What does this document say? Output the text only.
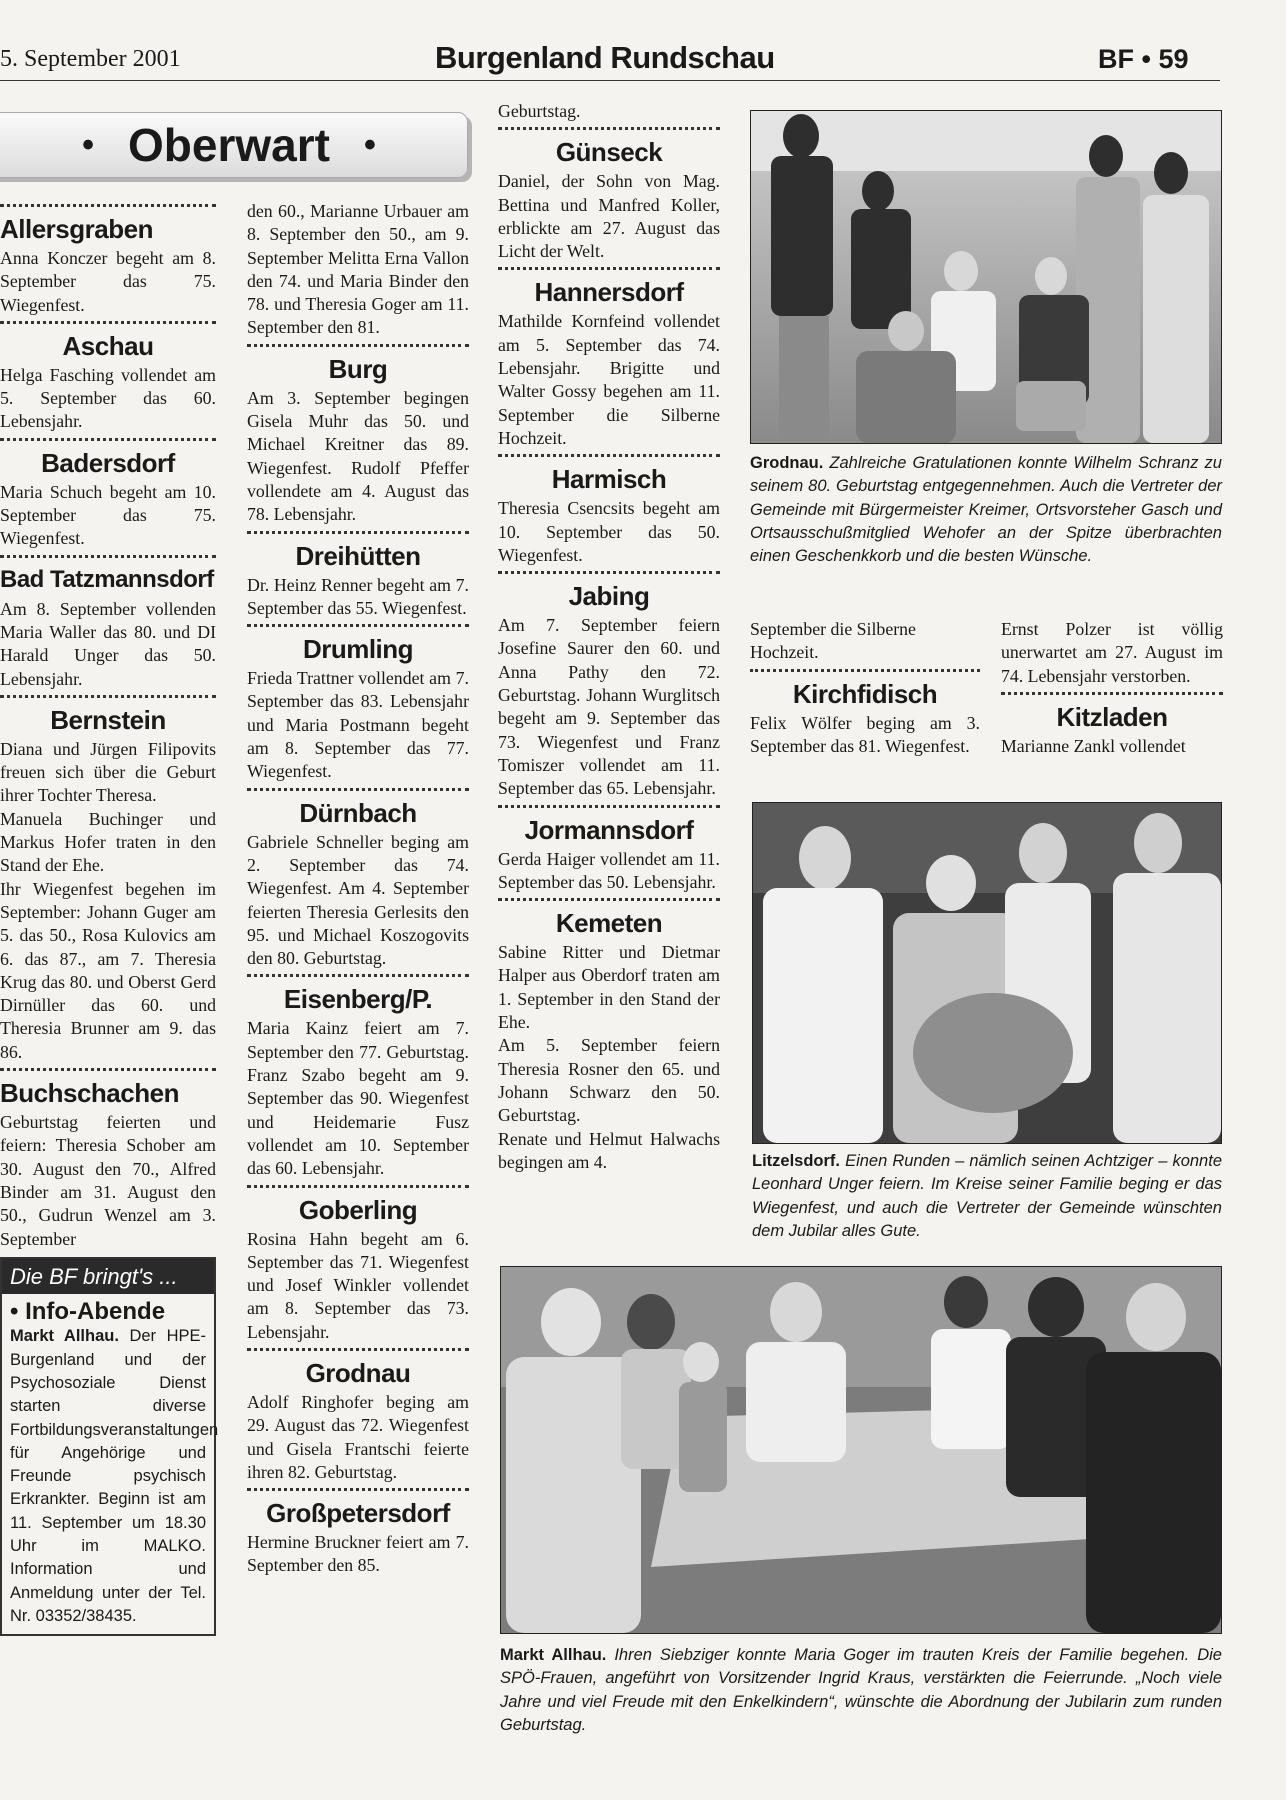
5. September 2001	Burgenland Rundschau	BF • 59
• Oberwart •
Allersgraben

Anna Konczer begeht am 8. September das 75. Wiegenfest.

Aschau

Helga Fasching vollendet am 5. September das 60. Lebensjahr.

Badersdorf

Maria Schuch begeht am 10. September das 75. Wiegenfest.

Bad Tatzmannsdorf

Am 8. September vollenden Maria Waller das 80. und DI Harald Unger das 50. Lebensjahr.

Bernstein

Diana und Jürgen Filipovits freuen sich über die Geburt ihrer Tochter Theresa.

Manuela Buchinger und Markus Hofer traten in den Stand der Ehe.

Ihr Wiegenfest begehen im September: Johann Guger am 5. das 50., Rosa Kulovics am 6. das 87., am 7. Theresia Krug das 80. und Oberst Gerd Dirnüller das 60. und Theresia Brunner am 9. das 86.

Buchschachen

Geburtstag feierten und feiern: Theresia Schober am 30. August den 70., Alfred Binder am 31. August den 50., Gudrun Wenzel am 3. September

Die BF bringt's ...
• Info-Abende
Markt Allhau. Der HPE-Burgenland und der Psychosoziale Dienst starten diverse Fortbildungsveranstaltungen für Angehörige und Freunde psychisch Erkrankter. Beginn ist am 11. September um 18.30 Uhr im MALKO. Information und Anmeldung unter der Tel. Nr. 03352/38435.

den 60., Marianne Urbauer am 8. September den 50., am 9. September Melitta Erna Vallon den 74. und Maria Binder den 78. und Theresia Goger am 11. September den 81.

Burg

Am 3. September begingen Gisela Muhr das 50. und Michael Kreitner das 89. Wiegenfest. Rudolf Pfeffer vollendete am 4. August das 78. Lebensjahr.

Dreihütten

Dr. Heinz Renner begeht am 7. September das 55. Wiegenfest.

Drumling

Frieda Trattner vollendet am 7. September das 83. Lebensjahr und Maria Postmann begeht am 8. September das 77. Wiegenfest.

Dürnbach

Gabriele Schneller beging am 2. September das 74. Wiegenfest. Am 4. September feierten Theresia Gerlesits den 95. und Michael Koszogovits den 80. Geburtstag.

Eisenberg/P.

Maria Kainz feiert am 7. September den 77. Geburtstag. Franz Szabo begeht am 9. September das 90. Wiegenfest und Heidemarie Fusz vollendet am 10. September das 60. Lebensjahr.

Goberling

Rosina Hahn begeht am 6. September das 71. Wiegenfest und Josef Winkler vollendet am 8. September das 73. Lebensjahr.

Grodnau

Adolf Ringhofer beging am 29. August das 72. Wiegenfest und Gisela Frantschi feierte ihren 82. Geburtstag.

Großpetersdorf

Hermine Bruckner feiert am 7. September den 85.

Geburtstag.

Günseck

Daniel, der Sohn von Mag. Bettina und Manfred Koller, erblickte am 27. August das Licht der Welt.

Hannersdorf

Mathilde Kornfeind vollendet am 5. September das 74. Lebensjahr. Brigitte und Walter Gossy begehen am 11. September die Silberne Hochzeit.

Harmisch

Theresia Csencsits begeht am 10. September das 50. Wiegenfest.

Jabing

Am 7. September feiern Josefine Saurer den 60. und Anna Pathy den 72. Geburtstag. Johann Wurglitsch begeht am 9. September das 73. Wiegenfest und Franz Tomiszer vollendet am 11. September das 65. Lebensjahr.

Jormannsdorf

Gerda Haiger vollendet am 11. September das 50. Lebensjahr.

Kemeten

Sabine Ritter und Dietmar Halper aus Oberdorf traten am 1. September in den Stand der Ehe.

Am 5. September feiern Theresia Rosner den 65. und Johann Schwarz den 50. Geburtstag.

Renate und Helmut Halwachs begingen am 4.

Grodnau. Zahlreiche Gratulationen konnte Wilhelm Schranz zu seinem 80. Geburtstag entgegennehmen. Auch die Vertreter der Gemeinde mit Bürgermeister Kreimer, Ortsvorsteher Gasch und Ortsausschußmitglied Wehofer an der Spitze überbrachten einen Geschenkkorb und die besten Wünsche.

September die Silberne Hochzeit.

Kirchfidisch

Felix Wölfer beging am 3. September das 81. Wiegenfest.

Ernst Polzer ist völlig unerwartet am 27. August im 74. Lebensjahr verstorben.

Kitzladen

Marianne Zankl vollendet

Litzelsdorf. Einen Runden – nämlich seinen Achtziger – konnte Leonhard Unger feiern. Im Kreise seiner Familie beging er das Wiegenfest, und auch die Vertreter der Gemeinde wünschten dem Jubilar alles Gute.
Markt Allhau. Ihren Siebziger konnte Maria Goger im trauten Kreis der Familie begehen. Die SPÖ-Frauen, angeführt von Vorsitzender Ingrid Kraus, verstärkten die Feierrunde. „Noch viele Jahre und viel Freude mit den Enkelkindern“, wünschte die Abordnung der Jubilarin zum runden Geburtstag.
